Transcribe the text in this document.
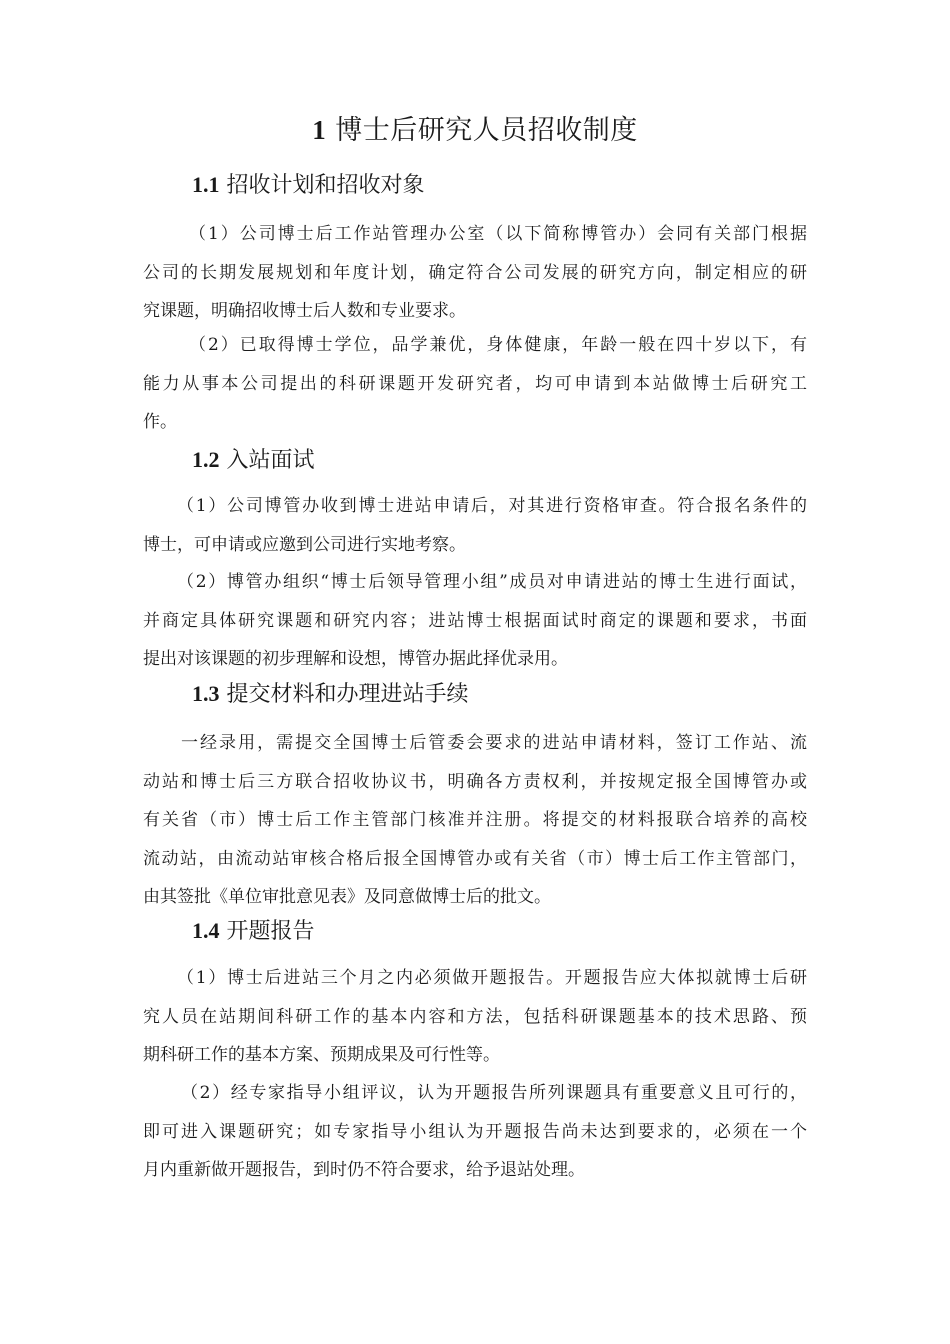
1 博士后研究人员招收制度
1.1 招收计划和招收对象
（1）公司博士后工作站管理办公室（以下简称博管办）会同有关部门根据
公司的长期发展规划和年度计划，确定符合公司发展的研究方向，制定相应的研
究课题，明确招收博士后人数和专业要求。
（2）已取得博士学位，品学兼优，身体健康，年龄一般在四十岁以下，有
能力从事本公司提出的科研课题开发研究者，均可申请到本站做博士后研究工
作。
1.2 入站面试
（1）公司博管办收到博士进站申请后，对其进行资格审查。符合报名条件的
博士，可申请或应邀到公司进行实地考察。
（2）博管办组织“博士后领导管理小组”成员对申请进站的博士生进行面试，
并商定具体研究课题和研究内容；进站博士根据面试时商定的课题和要求，书面
提出对该课题的初步理解和设想，博管办据此择优录用。
1.3 提交材料和办理进站手续
一经录用，需提交全国博士后管委会要求的进站申请材料，签订工作站、流
动站和博士后三方联合招收协议书，明确各方责权利，并按规定报全国博管办或
有关省（市）博士后工作主管部门核准并注册。将提交的材料报联合培养的高校
流动站，由流动站审核合格后报全国博管办或有关省（市）博士后工作主管部门，
由其签批《单位审批意见表》及同意做博士后的批文。
1.4 开题报告
（1）博士后进站三个月之内必须做开题报告。开题报告应大体拟就博士后研
究人员在站期间科研工作的基本内容和方法，包括科研课题基本的技术思路、预
期科研工作的基本方案、预期成果及可行性等。
（2）经专家指导小组评议，认为开题报告所列课题具有重要意义且可行的，
即可进入课题研究；如专家指导小组认为开题报告尚未达到要求的，必须在一个
月内重新做开题报告，到时仍不符合要求，给予退站处理。
